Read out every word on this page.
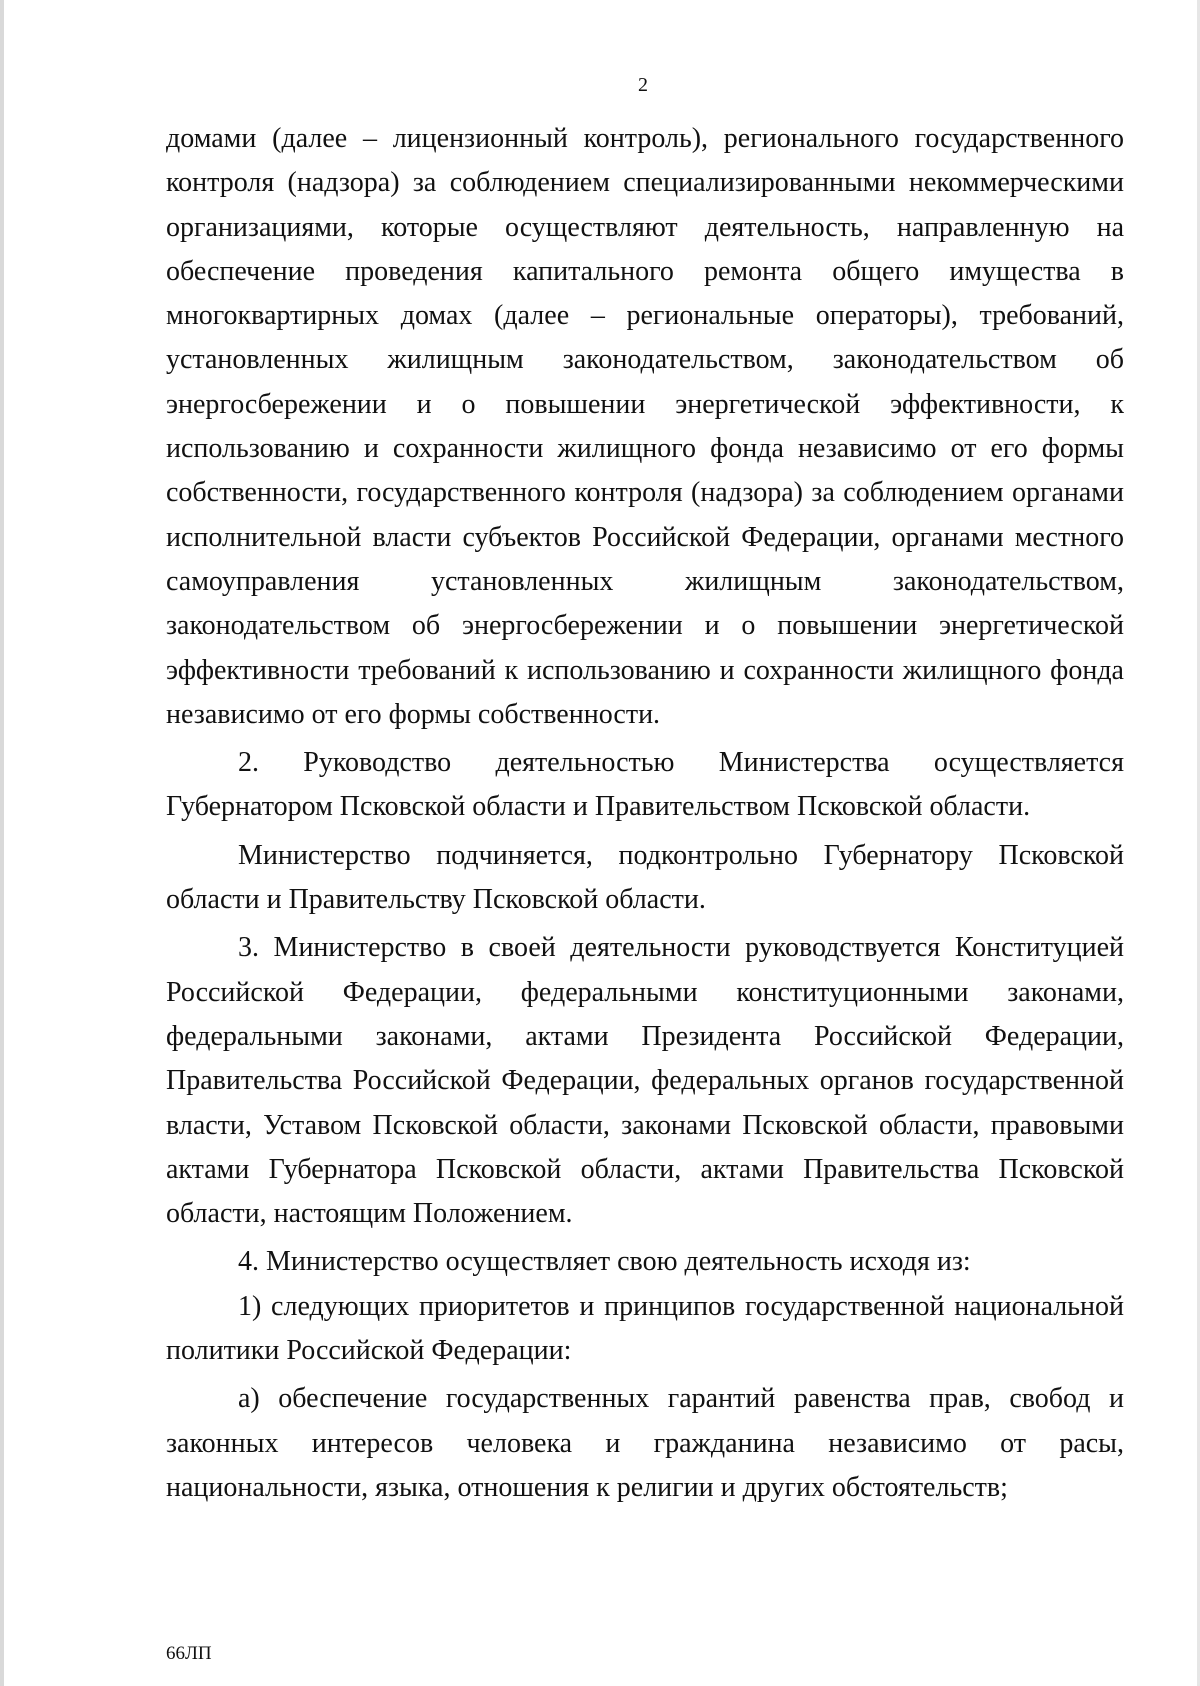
2

домами (далее – лицензионный контроль), регионального государственного контроля (надзора) за соблюдением специализированными некоммерческими организациями, которые осуществляют деятельность, направленную на обеспечение проведения капитального ремонта общего имущества в многоквартирных домах (далее – региональные операторы), требований, установленных жилищным законодательством, законодательством об энергосбережении и о повышении энергетической эффективности, к использованию и сохранности жилищного фонда независимо от его формы собственности, государственного контроля (надзора) за соблюдением органами исполнительной власти субъектов Российской Федерации, органами местного самоуправления установленных жилищным законодательством, законодательством об энергосбережении и о повышении энергетической эффективности требований к использованию и сохранности жилищного фонда независимо от его формы собственности.

2. Руководство деятельностью Министерства осуществляется Губернатором Псковской области и Правительством Псковской области.

Министерство подчиняется, подконтрольно Губернатору Псковской области и Правительству Псковской области.

3. Министерство в своей деятельности руководствуется Конституцией Российской Федерации, федеральными конституционными законами, федеральными законами, актами Президента Российской Федерации, Правительства Российской Федерации, федеральных органов государственной власти, Уставом Псковской области, законами Псковской области, правовыми актами Губернатора Псковской области, актами Правительства Псковской области, настоящим Положением.

4. Министерство осуществляет свою деятельность исходя из:

1) следующих приоритетов и принципов государственной национальной политики Российской Федерации:

а) обеспечение государственных гарантий равенства прав, свобод и законных интересов человека и гражданина независимо от расы, национальности, языка, отношения к религии и других обстоятельств;

66ЛП
